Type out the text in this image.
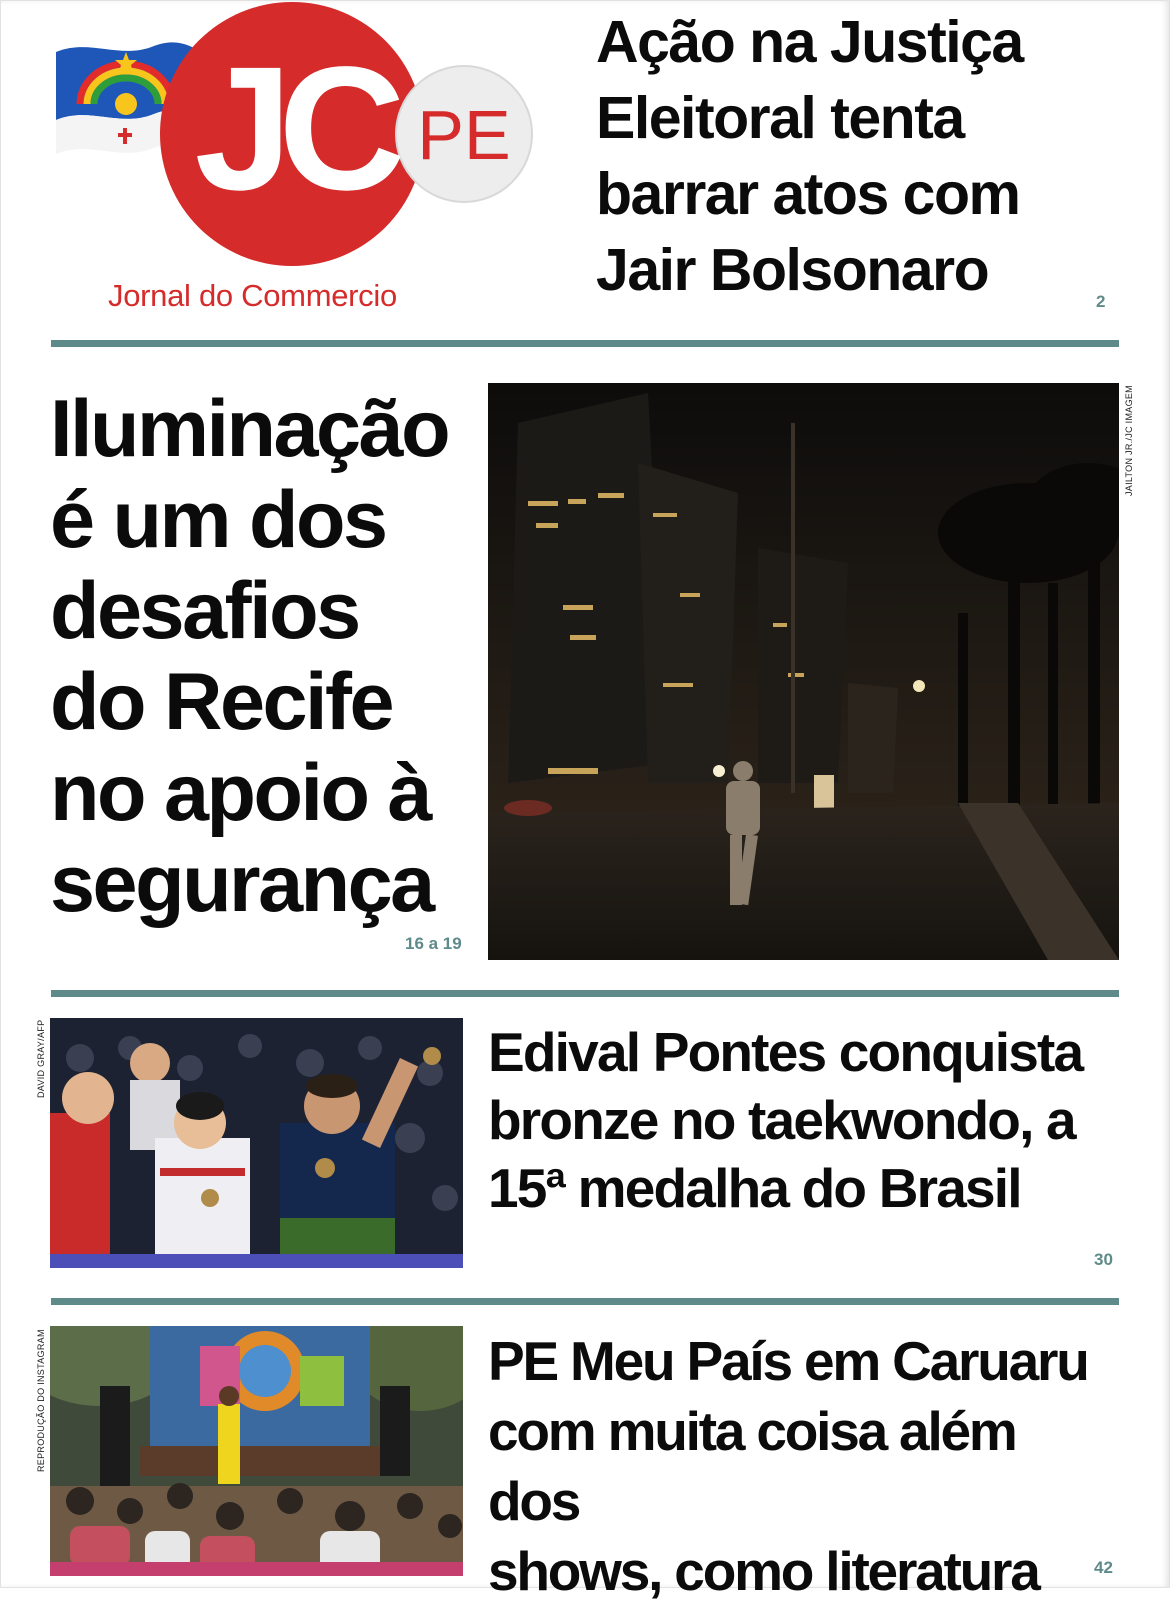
JC PE
Jornal do Commercio
Ação na Justiça
Eleitoral tenta
barrar atos com
Jair Bolsonaro	2
Iluminação
é um dos
desafios
do Recife
no apoio à
segurança
16 a 19
JAILTON JR./JC IMAGEM
DAVID GRAY/AFP	Edival Pontes conquista
bronze no taekwondo, a
15ª medalha do Brasil
30
REPRODUÇÃO DO INSTAGRAM	PE Meu País em Caruaru
com muita coisa além dos
shows, como literatura	42
